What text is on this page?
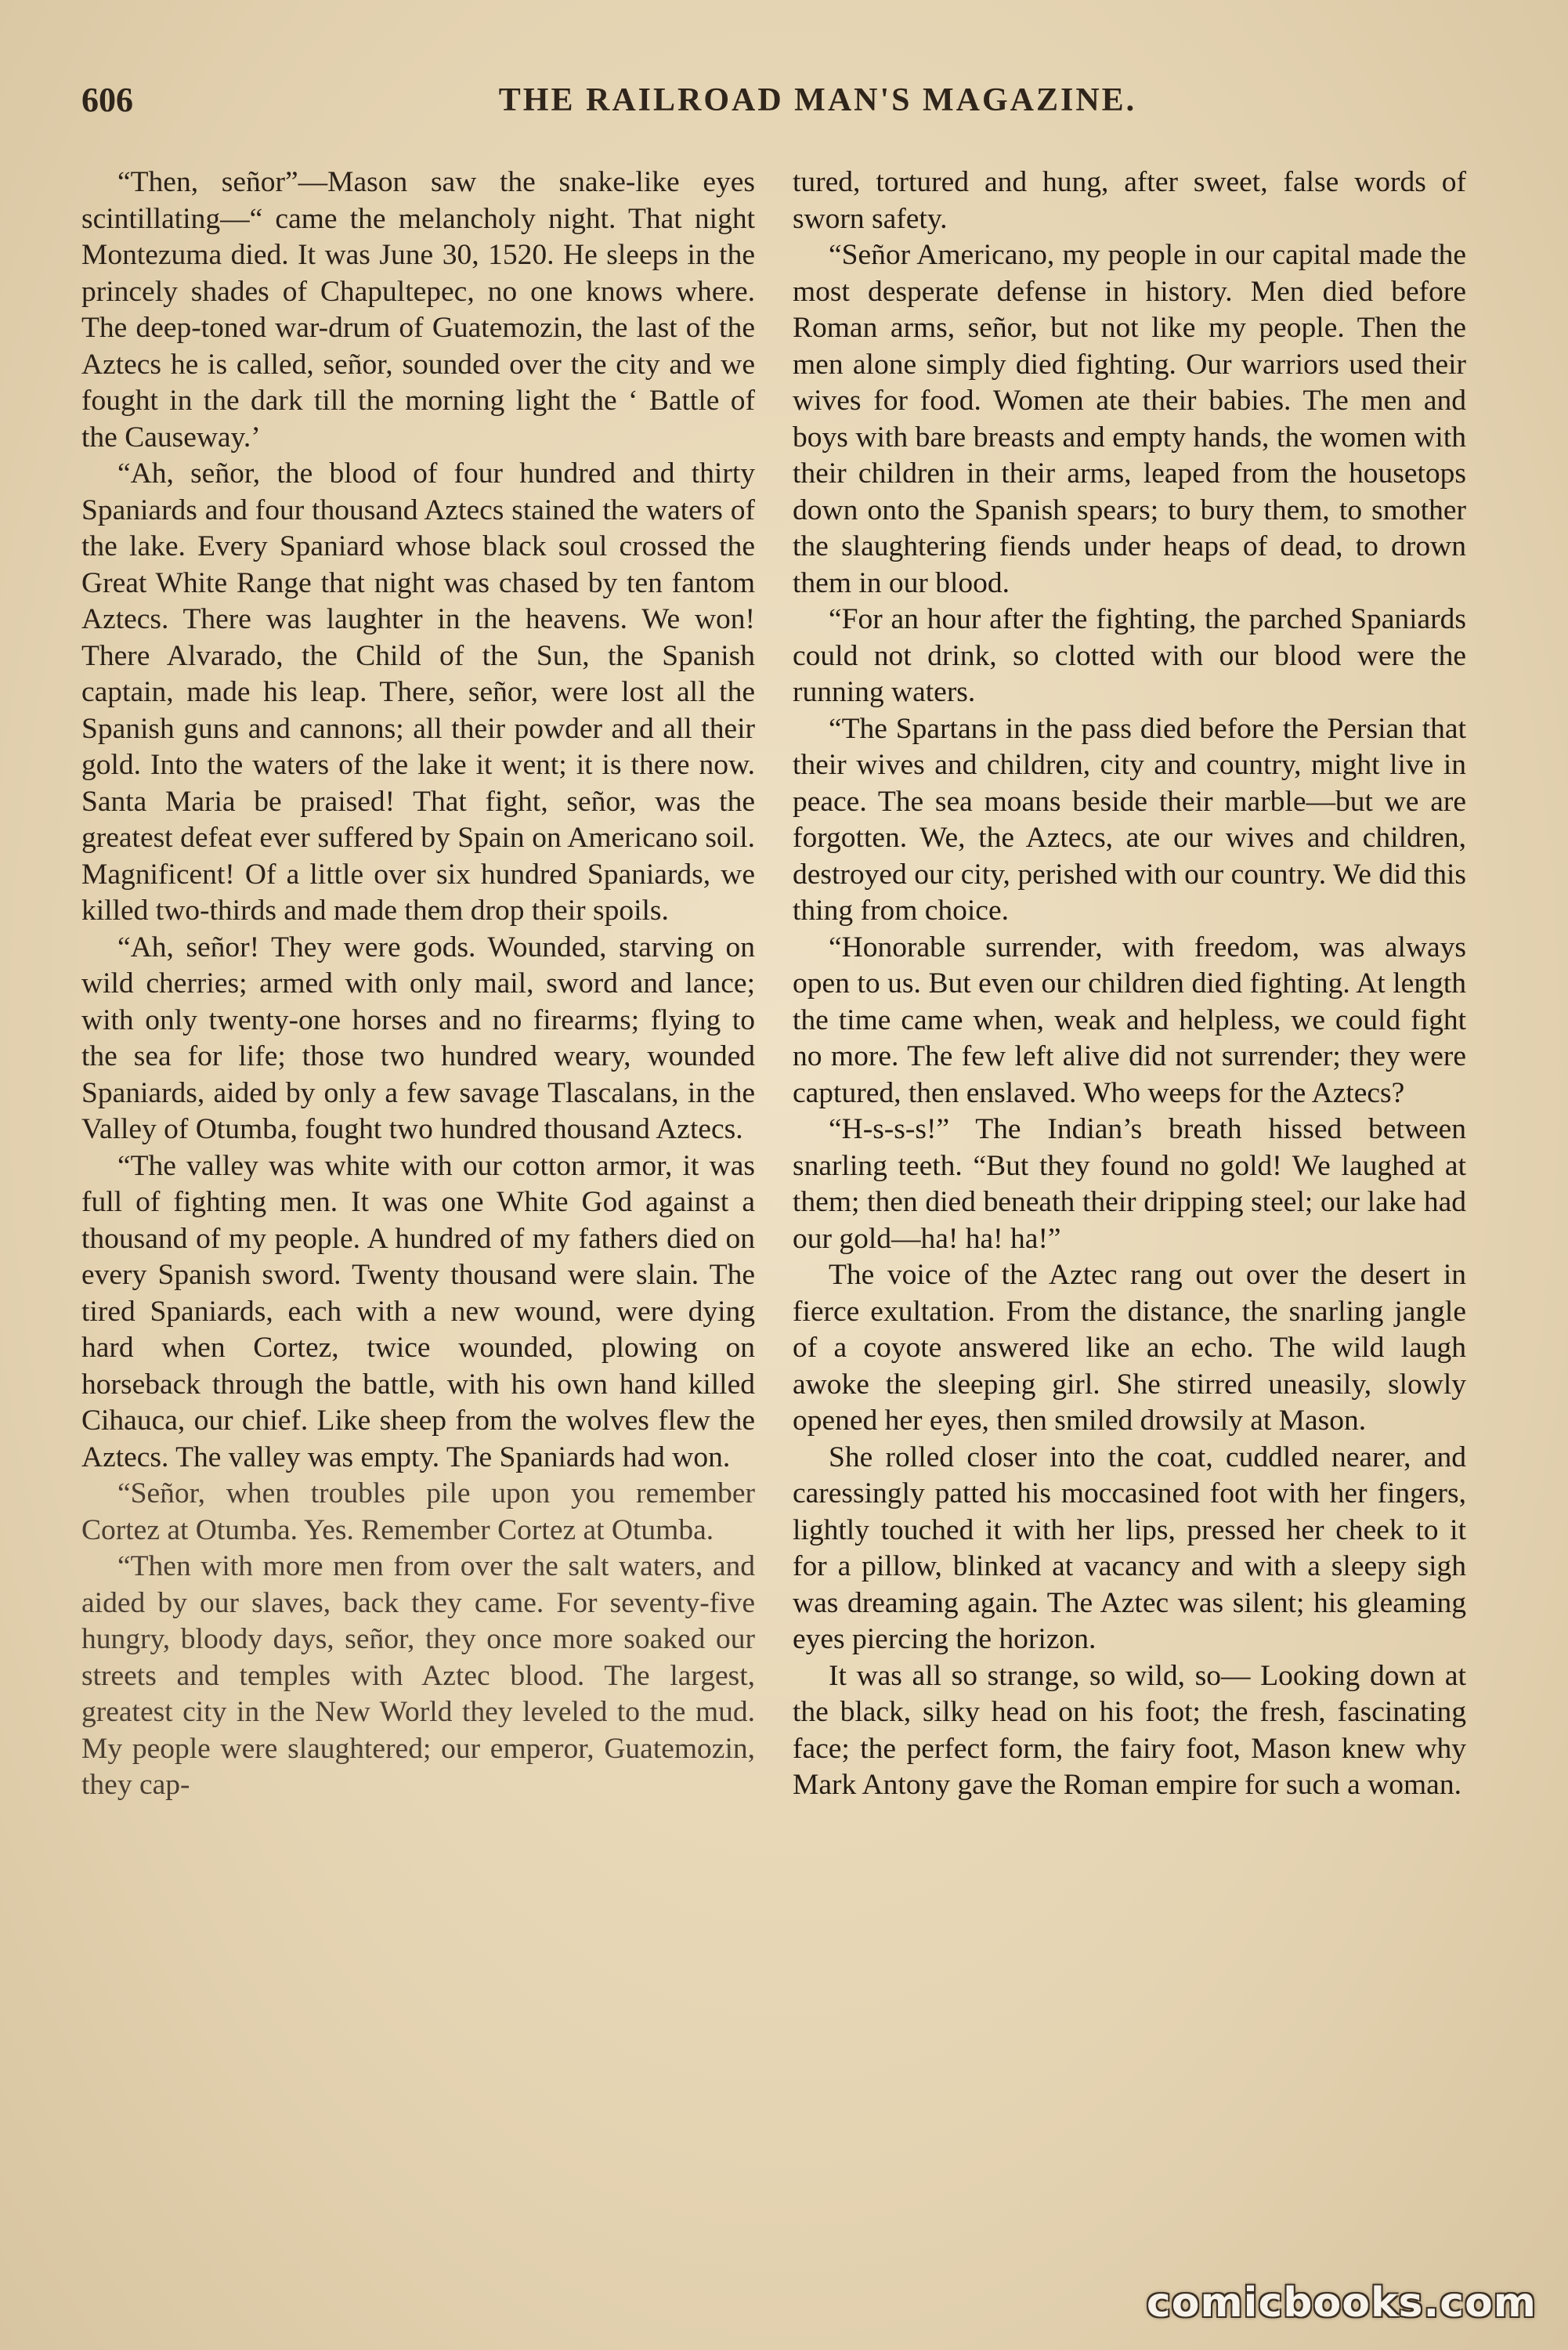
606	THE RAILROAD MAN'S MAGAZINE.

“Then, señor”—Mason saw the snake-like eyes scintillating—“ came the melancholy night. That night Montezuma died. It was June 30, 1520. He sleeps in the princely shades of Chapultepec, no one knows where. The deep-toned war-drum of Guatemozin, the last of the Aztecs he is called, señor, sounded over the city and we fought in the dark till the morning light the ‘ Battle of the Causeway.’

“Ah, señor, the blood of four hundred and thirty Spaniards and four thousand Aztecs stained the waters of the lake. Every Spaniard whose black soul crossed the Great White Range that night was chased by ten fantom Aztecs. There was laughter in the heavens. We won! There Alvarado, the Child of the Sun, the Spanish captain, made his leap. There, señor, were lost all the Spanish guns and cannons; all their powder and all their gold. Into the waters of the lake it went; it is there now. Santa Maria be praised! That fight, señor, was the greatest defeat ever suffered by Spain on Americano soil. Magnificent! Of a little over six hundred Spaniards, we killed two-thirds and made them drop their spoils.

“Ah, señor! They were gods. Wounded, starving on wild cherries; armed with only mail, sword and lance; with only twenty-one horses and no firearms; flying to the sea for life; those two hundred weary, wounded Spaniards, aided by only a few savage Tlascalans, in the Valley of Otumba, fought two hundred thousand Aztecs.

“The valley was white with our cotton armor, it was full of fighting men. It was one White God against a thousand of my people. A hundred of my fathers died on every Spanish sword. Twenty thousand were slain. The tired Spaniards, each with a new wound, were dying hard when Cortez, twice wounded, plowing on horseback through the battle, with his own hand killed Cihauca, our chief. Like sheep from the wolves flew the Aztecs. The valley was empty. The Spaniards had won.

“Señor, when troubles pile upon you remember Cortez at Otumba. Yes. Remember Cortez at Otumba.

“Then with more men from over the salt waters, and aided by our slaves, back they came. For seventy-five hungry, bloody days, señor, they once more soaked our streets and temples with Aztec blood. The largest, greatest city in the New World they leveled to the mud. My people were slaughtered; our emperor, Guatemozin, they cap-

tured, tortured and hung, after sweet, false words of sworn safety.

“Señor Americano, my people in our capital made the most desperate defense in history. Men died before Roman arms, señor, but not like my people. Then the men alone simply died fighting. Our warriors used their wives for food. Women ate their babies. The men and boys with bare breasts and empty hands, the women with their children in their arms, leaped from the housetops down onto the Spanish spears; to bury them, to smother the slaughtering fiends under heaps of dead, to drown them in our blood.

“For an hour after the fighting, the parched Spaniards could not drink, so clotted with our blood were the running waters.

“The Spartans in the pass died before the Persian that their wives and children, city and country, might live in peace. The sea moans beside their marble—but we are forgotten. We, the Aztecs, ate our wives and children, destroyed our city, perished with our country. We did this thing from choice.

“Honorable surrender, with freedom, was always open to us. But even our children died fighting. At length the time came when, weak and helpless, we could fight no more. The few left alive did not surrender; they were captured, then enslaved. Who weeps for the Aztecs?

“H-s-s-s!” The Indian’s breath hissed between snarling teeth. “But they found no gold! We laughed at them; then died beneath their dripping steel; our lake had our gold—ha! ha! ha!”

The voice of the Aztec rang out over the desert in fierce exultation. From the distance, the snarling jangle of a coyote answered like an echo. The wild laugh awoke the sleeping girl. She stirred uneasily, slowly opened her eyes, then smiled drowsily at Mason.

She rolled closer into the coat, cuddled nearer, and caressingly patted his moccasined foot with her fingers, lightly touched it with her lips, pressed her cheek to it for a pillow, blinked at vacancy and with a sleepy sigh was dreaming again. The Aztec was silent; his gleaming eyes piercing the horizon.

It was all so strange, so wild, so— Looking down at the black, silky head on his foot; the fresh, fascinating face; the perfect form, the fairy foot, Mason knew why Mark Antony gave the Roman empire for such a woman.

comicbooks.com
